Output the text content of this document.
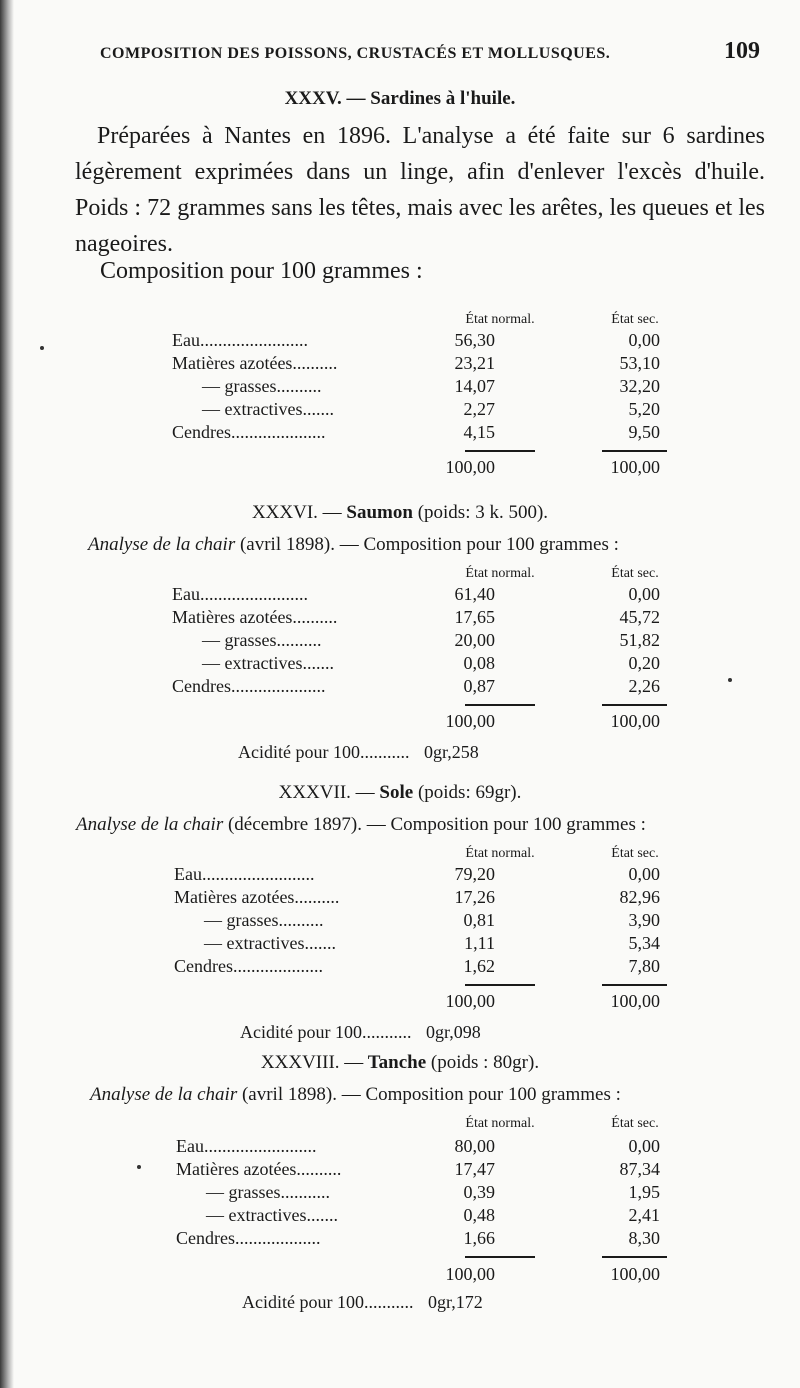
COMPOSITION DES POISSONS, CRUSTACÉS ET MOLLUSQUES.	109
XXXV. — Sardines à l'huile.

Préparées à Nantes en 1896. L'analyse a été faite sur 6 sardines légèrement exprimées dans un linge, afin d'enlever l'excès d'huile. Poids : 72 grammes sans les têtes, mais avec les arêtes, les queues et les nageoires.

Composition pour 100 grammes :
État normal.	État sec.
Eau........................	56,30	0,00
Matières azotées..........	23,21	53,10
— grasses..........	14,07	32,20
— extractives.......	2,27	5,20
Cendres.....................	4,15	9,50
100,00	100,00
XXXVI. — Saumon (poids: 3 k. 500).
Analyse de la chair (avril 1898). — Composition pour 100 grammes :
État normal.	État sec.
Eau........................	61,40	0,00
Matières azotées..........	17,65	45,72
— grasses..........	20,00	51,82
— extractives.......	0,08	0,20
Cendres.....................	0,87	2,26
100,00	100,00
Acidité pour 100........... 0gr,258
XXXVII. — Sole (poids: 69gr).
Analyse de la chair (décembre 1897). — Composition pour 100 grammes :
État normal.	État sec.
Eau.........................	79,20	0,00
Matières azotées..........	17,26	82,96
— grasses..........	0,81	3,90
— extractives.......	1,11	5,34
Cendres....................	1,62	7,80
100,00	100,00
Acidité pour 100........... 0gr,098
XXXVIII. — Tanche (poids : 80gr).
Analyse de la chair (avril 1898). — Composition pour 100 grammes :
État normal.	État sec.
Eau.........................	80,00	0,00
Matières azotées..........	17,47	87,34
— grasses...........	0,39	1,95
— extractives.......	0,48	2,41
Cendres...................	1,66	8,30
100,00	100,00
Acidité pour 100........... 0gr,172
